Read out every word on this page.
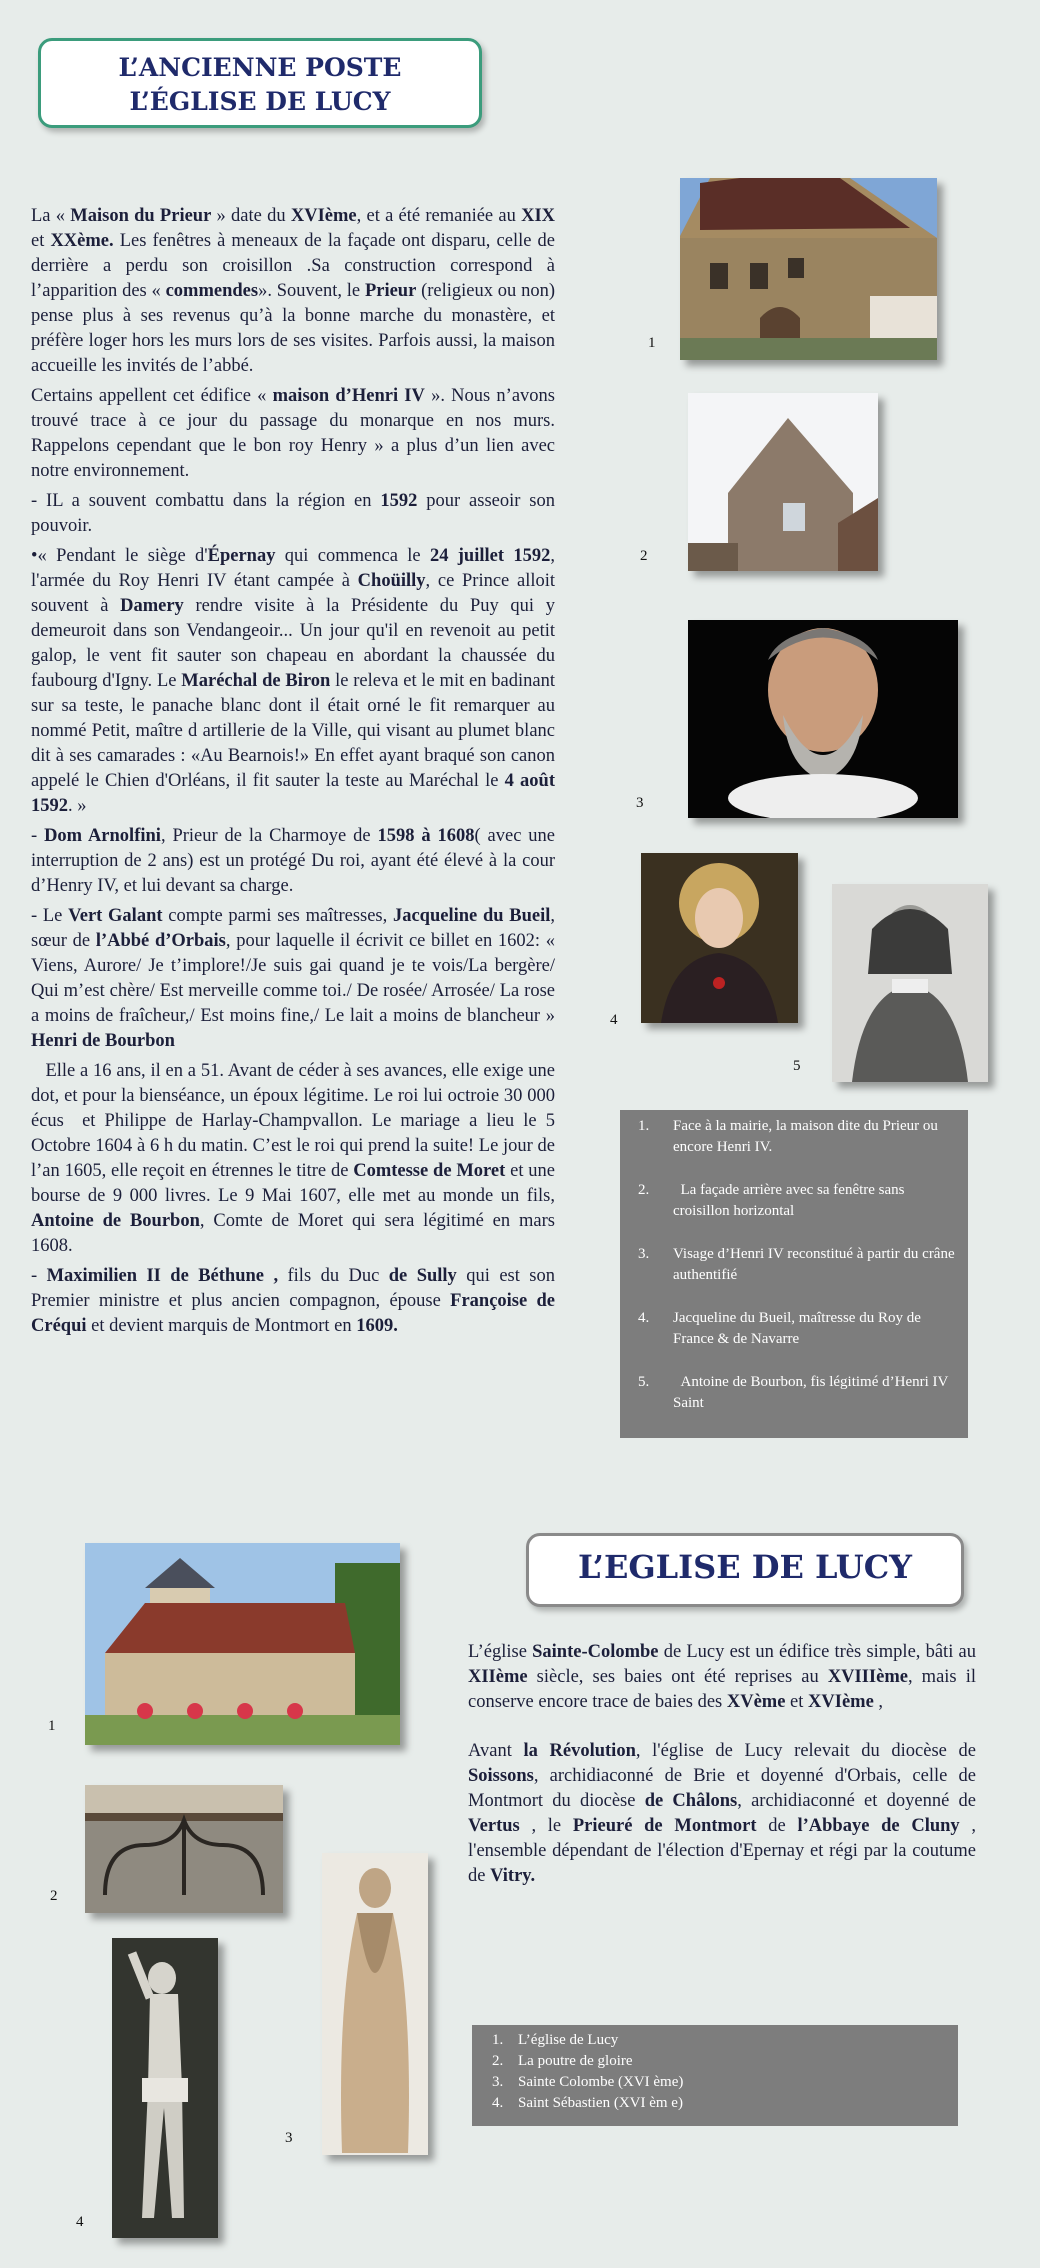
L’ANCIENNE POSTE
L’ÉGLISE DE LUCY

La « Maison du Prieur » date du XVIème, et a été remaniée au XIX et XXème. Les fenêtres à meneaux de la façade ont disparu, celle de derrière a perdu son croisillon .Sa construction correspond à l’apparition des « commendes». Souvent, le Prieur (religieux ou non) pense plus à ses revenus qu’à la bonne marche du monastère, et préfère loger hors les murs lors de ses visites. Parfois aussi, la maison accueille les invités de l’abbé.

Certains appellent cet édifice « maison d’Henri IV ». Nous n’avons trouvé trace à ce jour du passage du monarque en nos murs. Rappelons cependant que le bon roy Henry » a plus d’un lien avec notre environnement.

- IL a souvent combattu dans la région en 1592 pour asseoir son pouvoir.

•« Pendant le siège d'Épernay qui commenca le 24 juillet 1592, l'armée du Roy Henri IV étant campée à Choüilly, ce Prince alloit souvent à Damery rendre visite à la Présidente du Puy qui y demeuroit dans son Vendangeoir... Un jour qu'il en revenoit au petit galop, le vent fit sauter son chapeau en abordant la chaussée du faubourg d'Igny. Le Maréchal de Biron le releva et le mit en badinant sur sa teste, le panache blanc dont il était orné le fit remarquer au nommé Petit, maître d artillerie de la Ville, qui visant au plumet blanc dit à ses camarades : «Au Bearnois!» En effet ayant braqué son canon appelé le Chien d'Orléans, il fit sauter la teste au Maréchal le 4 août 1592. »

- Dom Arnolfini, Prieur de la Charmoye de 1598 à 1608( avec une interruption de 2 ans) est un protégé Du roi, ayant été élevé à la cour d’Henry IV, et lui devant sa charge.

- Le Vert Galant compte parmi ses maîtresses, Jacqueline du Bueil, sœur de l’Abbé d’Orbais, pour laquelle il écrivit ce billet en 1602: « Viens, Aurore/ Je t’implore!/Je suis gai quand je te vois/La bergère/ Qui m’est chère/ Est merveille comme toi./ De rosée/ Arrosée/ La rose a moins de fraîcheur,/ Est moins fine,/ Le lait a moins de blancheur »      Henri de Bourbon

Elle a 16 ans, il en a 51. Avant de céder à ses avances, elle exige une dot, et pour la bienséance, un époux légitime. Le roi lui octroie 30 000 écus  et Philippe de Harlay-Champvallon. Le mariage a lieu le 5 Octobre 1604 à 6 h du matin. C’est le roi qui prend la suite! Le jour de l’an 1605, elle reçoit en étrennes le titre de Comtesse de Moret et une bourse de 9 000 livres. Le 9 Mai 1607, elle met au monde un fils, Antoine de Bourbon, Comte de Moret qui sera légitimé en mars 1608.

- Maximilien II de Béthune , fils du Duc de Sully qui est son Premier ministre et plus ancien compagnon, épouse Françoise de Créqui et devient marquis de Montmort en 1609.

1
2
3
4
5
1. Face à la mairie, la maison dite du Prieur ou encore Henri IV.
2. La façade arrière avec sa fenêtre sans croisillon horizontal
3. Visage d’Henri IV reconstitué à partir du crâne authentifié
4. Jacqueline du Bueil, maîtresse du Roy de France & de Navarre
5. Antoine de Bourbon, fis légitimé d’Henri IV Saint
L’EGLISE DE LUCY

L’église Sainte-Colombe de Lucy est un édifice très simple, bâti au XIIème siècle, ses baies ont été reprises au XVIIIème, mais il conserve encore trace de baies des XVème et XVIème ,

Avant la Révolution, l'église de Lucy relevait du diocèse de Soissons, archidiaconné de Brie et doyenné d'Orbais, celle de Montmort du diocèse de Châlons, archidiaconné et doyenné de Vertus , le Prieuré de Montmort de l’Abbaye de Cluny , l'ensemble dépendant de l'élection d'Epernay et régi par la coutume de Vitry.

1
2
3
4
1. L’église de Lucy
2. La poutre de gloire
3. Sainte Colombe (XVI ème)
4. Saint Sébastien (XVI èm e)
